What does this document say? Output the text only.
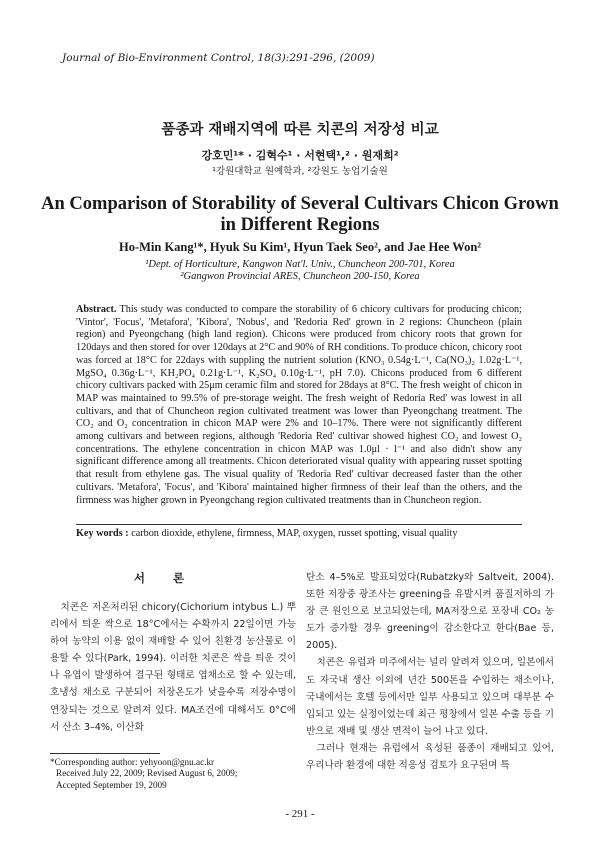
Journal of Bio-Environment Control, 18(3):291-296, (2009)
품종과 재배지역에 따른 치콘의 저장성 비교
강호민¹* · 김혁수¹ · 서현택¹,² · 원재희²
¹강원대학교 원예학과, ²강원도 농업기술원
An Comparison of Storability of Several Cultivars Chicon Grown in Different Regions
Ho-Min Kang¹*, Hyuk Su Kim¹, Hyun Taek Seo², and Jae Hee Won²
¹Dept. of Horticulture, Kangwon Nat'l. Univ., Chuncheon 200-701, Korea
²Gangwon Provincial ARES, Chuncheon 200-150, Korea

Abstract. This study was conducted to compare the storability of 6 chicory cultivars for producing chicon; 'Vintor', 'Focus', 'Metafora', 'Kibora', 'Nobus', and 'Redoria Red' grown in 2 regions: Chuncheon (plain region) and Pyeongchang (high land region). Chicons were produced from chicory roots that grown for 120days and then stored for over 120days at 2°C and 90% of RH conditions. To produce chicon, chicory root was forced at 18°C for 22days with suppling the nutrient solution (KNO₃ 0.54g·L⁻¹, Ca(NO₃)₂ 1.02g·L⁻¹, MgSO₄ 0.36g·L⁻¹, KH₂PO₄ 0.21g·L⁻¹, K₂SO₄ 0.10g·L⁻¹, pH 7.0). Chicons produced from 6 different chicory cultivars packed with 25μm ceramic film and stored for 28days at 8°C. The fresh weight of chicon in MAP was maintained to 99.5% of pre-storage weight. The fresh weight of Redoria Red' was lowest in all cultivars, and that of Chuncheon region cultivated treatment was lower than Pyeongchang treatment. The CO₂ and O₂ concentration in chicon MAP were 2% and 10–17%. There were not significantly different among cultivars and between regions, although 'Redoria Red' cultivar showed highest CO₂ and lowest O₂ concentrations. The ethylene concentration in chicon MAP was 1.0μl · l⁻¹ and also didn't show any significant difference among all treatments. Chicon deteriorated visual quality with appearing russet spotting that result from ethylene gas. The visual quality of 'Redoria Red' cultivar decreased faster than the other cultivars. 'Metafora', 'Focus', and 'Kibora' maintained higher firmness of their leaf than the others, and the firmness was higher grown in Pyeongchang region cultivated treatments than in Chuncheon region.

Key words : carbon dioxide, ethylene, firmness, MAP, oxygen, russet spotting, visual quality
서론

치콘은 저온처리된 chicory(Cichorium intybus L.) 뿌리에서 틔운 싹으로 18°C에서는 수확까지 22일이면 가능하여 농약의 이용 없이 재배할 수 있어 친환경 농산물로 이용할 수 있다(Park, 1994). 이러한 치콘은 싹을 틔운 것이나 유엽이 발생하여 결구된 형태로 엽채소로 할 수 있는데, 호냉성 채소로 구분되어 저장온도가 낮을수록 저장수명이 연장되는 것으로 알려져 있다. MA조건에 대해서도 0°C에서 산소 3–4%, 이산화

탄소 4–5%로 발표되었다(Rubatzky와 Saltveit, 2004). 또한 저장중 광조사는 greening을 유발시켜 품질저하의 가장 큰 원인으로 보고되었는데, MA저장으로 포장내 CO₂ 농도가 증가할 경우 greening이 감소한다고 한다(Bae 등, 2005).

치콘은 유럽과 미주에서는 널리 알려져 있으며, 일본에서도 자국내 생산 이외에 년간 500톤을 수입하는 채소이나, 국내에서는 호텔 등에서만 일부 사용되고 있으며 대부분 수입되고 있는 실정이었는데 최근 평창에서 일본 수출 등을 기반으로 재배 및 생산 면적이 늘어 나고 있다.

그러나 현재는 유럽에서 육성된 품종이 재배되고 있어, 우리나라 환경에 대한 적응성 검토가 요구된며 특

*Corresponding author: yehyoon@gnu.ac.kr
Received July 22, 2009; Revised August 6, 2009;
Accepted September 19, 2009
- 291 -
